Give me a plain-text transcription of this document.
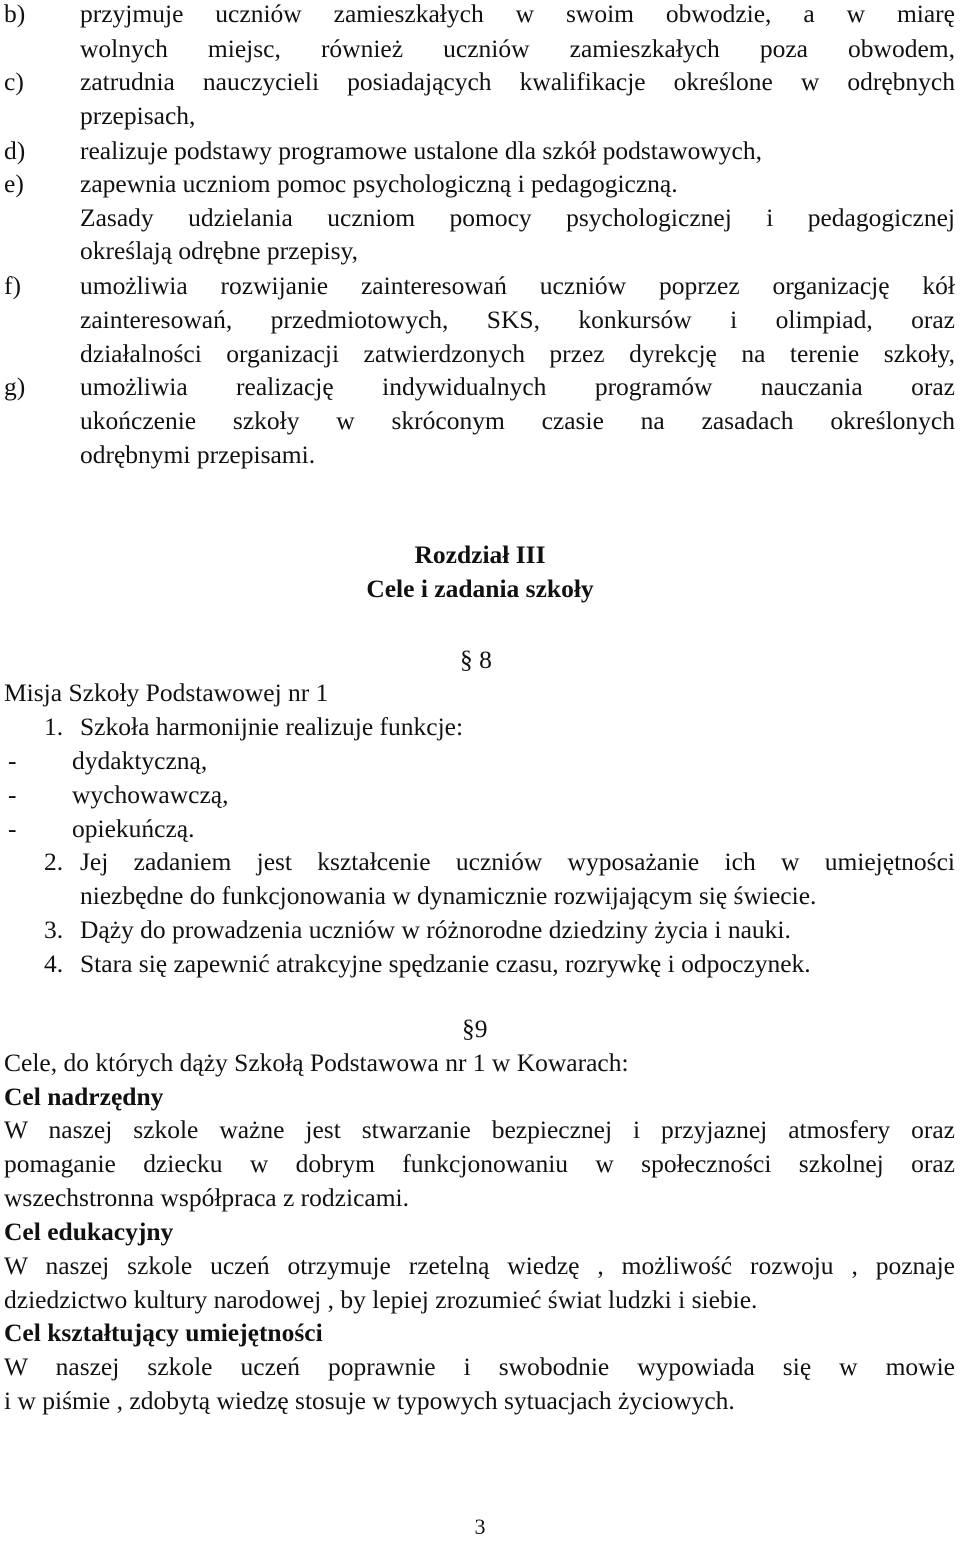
b) przyjmuje uczniów zamieszkałych w swoim obwodzie, a w miarę
wolnych miejsc, również uczniów zamieszkałych poza obwodem,
c) zatrudnia nauczycieli posiadających kwalifikacje określone w odrębnych
przepisach,
d) realizuje podstawy programowe ustalone dla szkół podstawowych,
e) zapewnia uczniom pomoc psychologiczną i pedagogiczną.
Zasady udzielania uczniom pomocy psychologicznej i pedagogicznej
określają odrębne przepisy,
f) umożliwia rozwijanie zainteresowań uczniów poprzez organizację kół
zainteresowań, przedmiotowych, SKS, konkursów i olimpiad, oraz
działalności organizacji zatwierdzonych przez dyrekcję na terenie szkoły,
g) umożliwia realizację indywidualnych programów nauczania oraz
ukończenie szkoły w skróconym czasie na zasadach określonych
odrębnymi przepisami.
Rozdział III
Cele i zadania szkoły
§ 8
Misja Szkoły Podstawowej nr 1
1. Szkoła harmonijnie realizuje funkcje:
- dydaktyczną,
- wychowawczą,
- opiekuńczą.
2. Jej zadaniem jest kształcenie uczniów wyposażanie ich w umiejętności
niezbędne do funkcjonowania w dynamicznie rozwijającym się świecie.
3. Dąży do prowadzenia uczniów w różnorodne dziedziny życia i nauki.
4. Stara się zapewnić atrakcyjne spędzanie czasu, rozrywkę i odpoczynek.
§9
Cele, do których dąży Szkołą Podstawowa nr 1 w Kowarach:
Cel nadrzędny
W naszej szkole ważne jest stwarzanie bezpiecznej i przyjaznej atmosfery oraz
pomaganie dziecku w dobrym funkcjonowaniu w społeczności szkolnej oraz
wszechstronna współpraca z rodzicami.
Cel edukacyjny
W naszej szkole uczeń otrzymuje rzetelną wiedzę , możliwość rozwoju , poznaje
dziedzictwo kultury narodowej , by lepiej zrozumieć świat ludzki i siebie.
Cel kształtujący umiejętności
W naszej szkole uczeń poprawnie i swobodnie wypowiada się w mowie
i w piśmie , zdobytą wiedzę stosuje w typowych sytuacjach życiowych.
3
